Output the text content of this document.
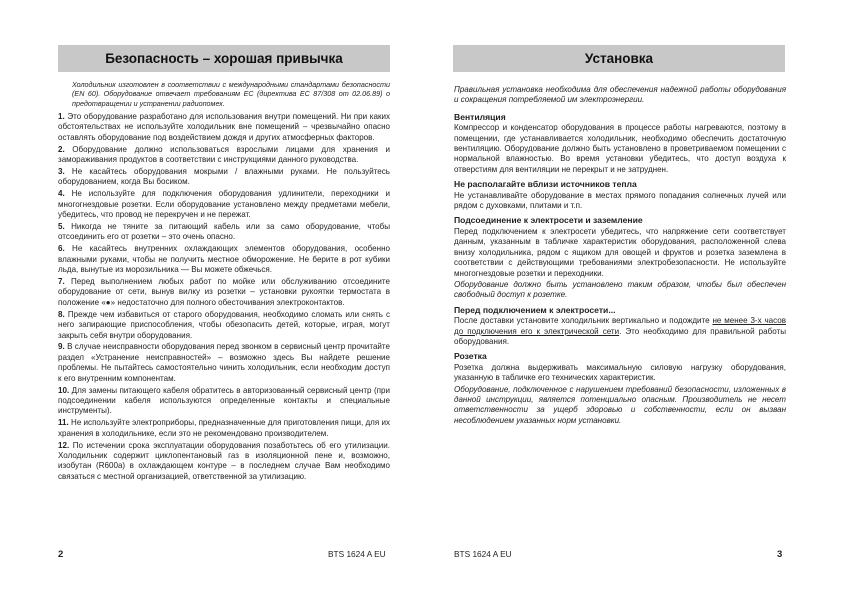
Безопасность – хорошая привычка
Холодильник изготовлен в соответствии с международными стандартами безопасности (EN 60). Оборудование отвечает требованиям ЕС (директива ЕС 87/308 от 02.06.89) о предотвращении и устранении радиопомех.
1. Это оборудование разработано для использования внутри помещений. Ни при каких обстоятельствах не используйте холодильник вне помещений – чрезвычайно опасно оставлять оборудование под воздействием дождя и других атмосферных факторов.
2. Оборудование должно использоваться взрослыми лицами для хранения и замораживания продуктов в соответствии с инструкциями данного руководства.
3. Не касайтесь оборудования мокрыми / влажными руками. Не пользуйтесь оборудованием, когда Вы босиком.
4. Не используйте для подключения оборудования удлинители, переходники и многогнездовые розетки. Если оборудование установлено между предметами мебели, убедитесь, что провод не перекручен и не пережат.
5. Никогда не тяните за питающий кабель или за само оборудование, чтобы отсоединить его от розетки – это очень опасно.
6. Не касайтесь внутренних охлаждающих элементов оборудования, особенно влажными руками, чтобы не получить местное обморожение. Не берите в рот кубики льда, вынутые из морозильника — Вы можете обжечься.
7. Перед выполнением любых работ по мойке или обслуживанию отсоедините оборудование от сети, вынув вилку из розетки – установки рукоятки термостата в положение «●» недостаточно для полного обесточивания электроконтактов.
8. Прежде чем избавиться от старого оборудования, необходимо сломать или снять с него запирающие приспособления, чтобы обезопасить детей, которые, играя, могут закрыть себя внутри оборудования.
9. В случае неисправности оборудования перед звонком в сервисный центр прочитайте раздел «Устранение неисправностей» – возможно здесь Вы найдете решение проблемы. Не пытайтесь самостоятельно чинить холодильник, если необходим доступ к его внутренним компонентам.
10. Для замены питающего кабеля обратитесь в авторизованный сервисный центр (при подсоединении кабеля используются определенные контакты и специальные инструменты).
11. Не используйте электроприборы, предназначенные для приготовления пищи, для их хранения в холодильнике, если это не рекомендовано производителем.
12. По истечении срока эксплуатации оборудования позаботьтесь об его утилизации. Холодильник содержит циклопентановый газ в изоляционной пене и, возможно, изобутан (R600a) в охлаждающем контуре – в последнем случае Вам необходимо связаться с местной организацией, ответственной за утилизацию.
2	BTS 1624 A EU
Установка
Правильная установка необходима для обеспечения надежной работы оборудования и сокращения потребляемой им электроэнергии.
Вентиляция
Компрессор и конденсатор оборудования в процессе работы нагреваются, поэтому в помещении, где устанавливается холодильник, необходимо обеспечить достаточную вентиляцию. Оборудование должно быть установлено в проветриваемом помещении с нормальной влажностью. Во время установки убедитесь, что доступ воздуха к отверстиям для вентиляции не перекрыт и не затруднен.
Не располагайте вблизи источников тепла
Не устанавливайте оборудование в местах прямого попадания солнечных лучей или рядом с духовками, плитами и т.п.
Подсоединение к электросети и заземление
Перед подключением к электросети убедитесь, что напряжение сети соответствует данным, указанным в табличке характеристик оборудования, расположенной слева внизу холодильника, рядом с ящиком для овощей и фруктов и розетка заземлена в соответствии с действующими требованиями электробезопасности. Не используйте многогнездовые розетки и переходники.
Оборудование должно быть установлено таким образом, чтобы был обеспечен свободный доступ к розетке.
Перед подключением к электросети...
После доставки установите холодильник вертикально и подождите не менее 3-х часов до подключения его к электрической сети. Это необходимо для правильной работы оборудования.
Розетка
Розетка должна выдерживать максимальную силовую нагрузку оборудования, указанную в табличке его технических характеристик.
Оборудование, подключенное с нарушением требований безопасности, изложенных в данной инструкции, является потенциально опасным. Производитель не несет ответственности за ущерб здоровью и собственности, если он вызван несоблюдением указанных норм установки.
BTS 1624 A EU	3
